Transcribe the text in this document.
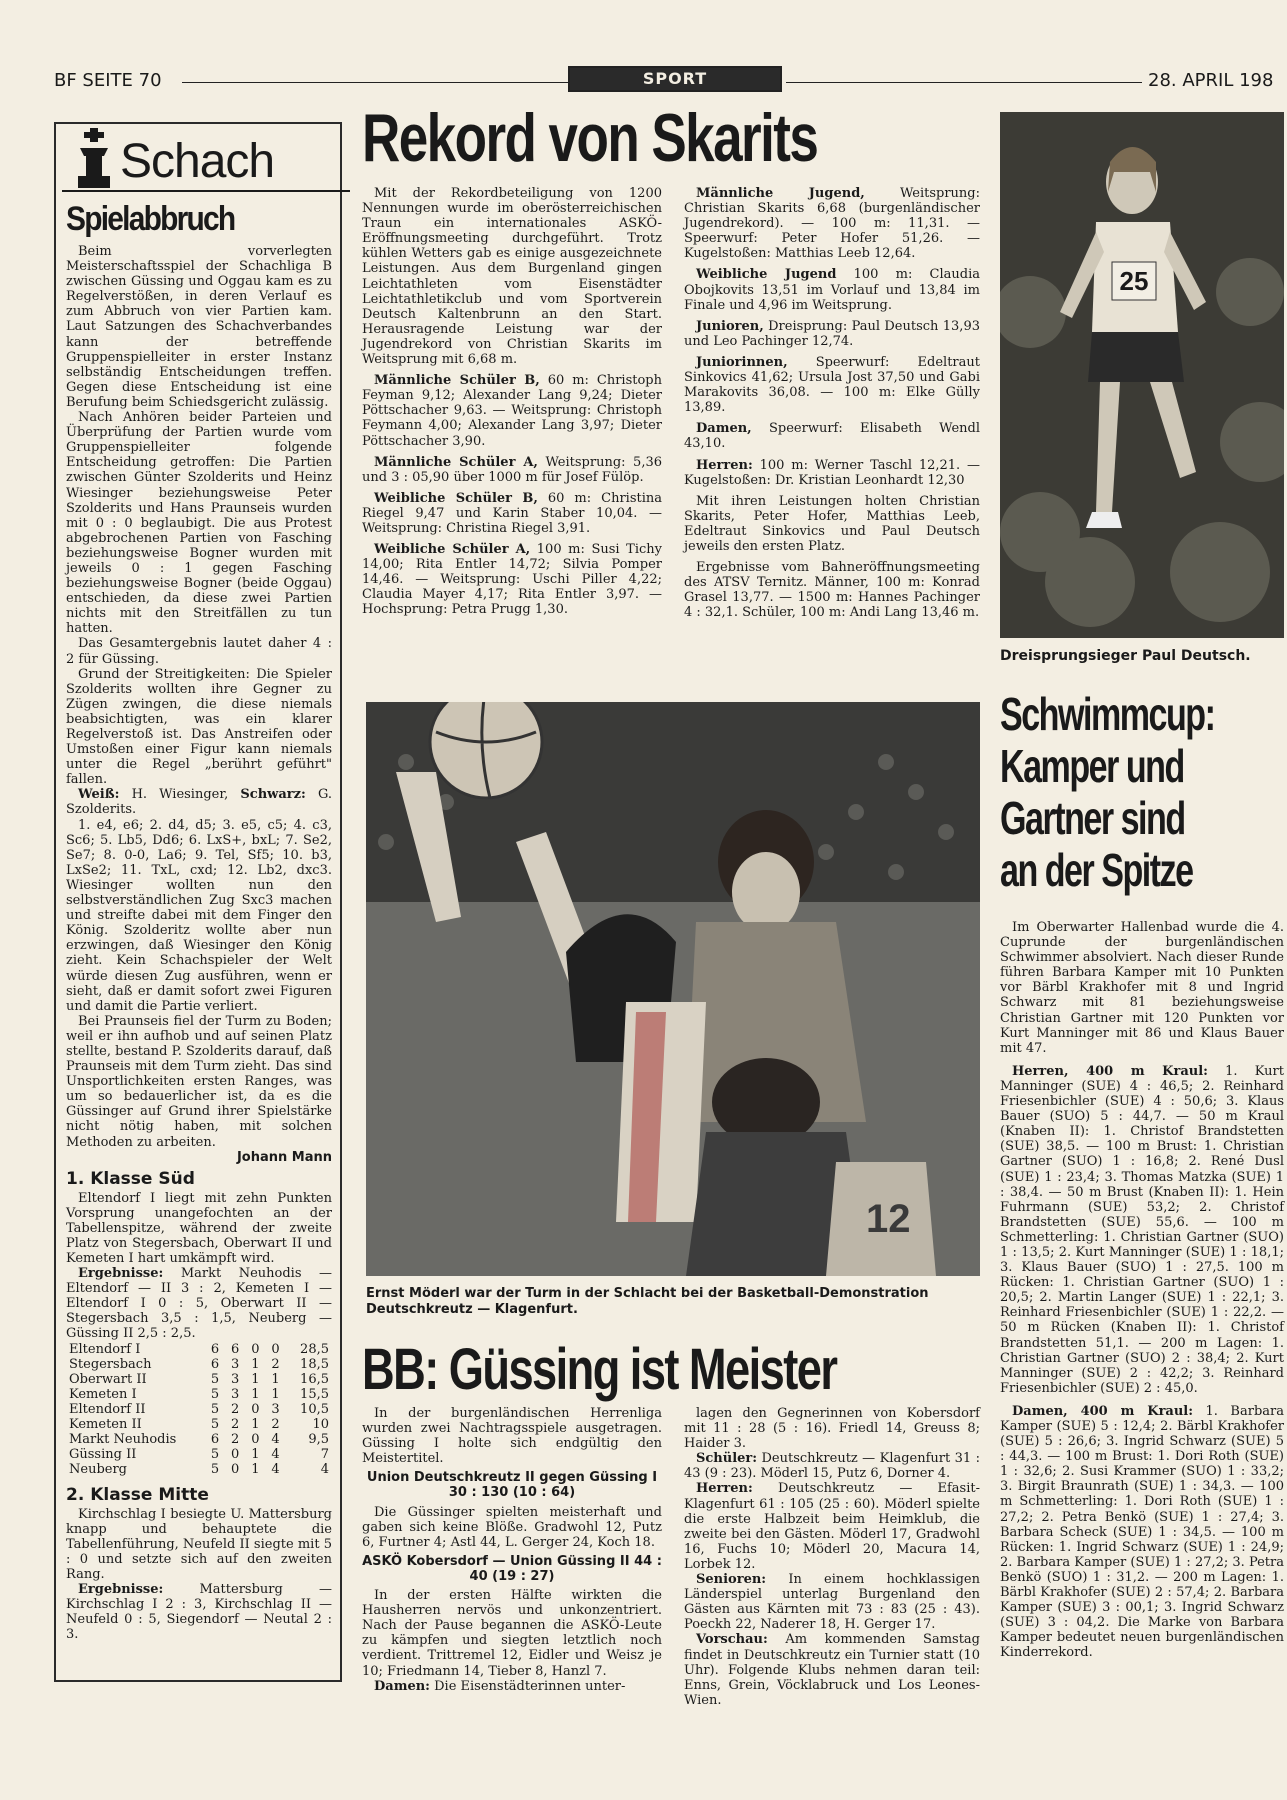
BF SEITE 70	SPORT	28. APRIL 198
Schach
Spielabbruch

Beim vorverlegten Meisterschaftsspiel der Schachliga B zwischen Güssing und Oggau kam es zu Regelverstößen, in deren Verlauf es zum Abbruch von vier Partien kam. Laut Satzungen des Schachverbandes kann der betreffende Gruppenspielleiter in erster Instanz selbständig Entscheidungen treffen. Gegen diese Entscheidung ist eine Berufung beim Schiedsgericht zulässig.

Nach Anhören beider Parteien und Überprüfung der Partien wurde vom Gruppenspielleiter folgende Entscheidung getroffen: Die Partien zwischen Günter Szolderits und Heinz Wiesinger beziehungsweise Peter Szolderits und Hans Praunseis wurden mit 0 : 0 beglaubigt. Die aus Protest abgebrochenen Partien von Fasching beziehungsweise Bogner wurden mit jeweils 0 : 1 gegen Fasching beziehungsweise Bogner (beide Oggau) entschieden, da diese zwei Partien nichts mit den Streitfällen zu tun hatten.

Das Gesamtergebnis lautet daher 4 : 2 für Güssing.

Grund der Streitigkeiten: Die Spieler Szolderits wollten ihre Gegner zu Zügen zwingen, die diese niemals beabsichtigten, was ein klarer Regelverstoß ist. Das Anstreifen oder Umstoßen einer Figur kann niemals unter die Regel „berührt geführt" fallen.

Weiß: H. Wiesinger, Schwarz: G. Szolderits.

1. e4, e6; 2. d4, d5; 3. e5, c5; 4. c3, Sc6; 5. Lb5, Dd6; 6. LxS+, bxL; 7. Se2, Se7; 8. 0-0, La6; 9. Tel, Sf5; 10. b3, LxSe2; 11. TxL, cxd; 12. Lb2, dxc3. Wiesinger wollten nun den selbstverständlichen Zug Sxc3 machen und streifte dabei mit dem Finger den König. Szolderitz wollte aber nun erzwingen, daß Wiesinger den König zieht. Kein Schachspieler der Welt würde diesen Zug ausführen, wenn er sieht, daß er damit sofort zwei Figuren und damit die Partie verliert.

Bei Praunseis fiel der Turm zu Boden; weil er ihn aufhob und auf seinen Platz stellte, bestand P. Szolderits darauf, daß Praunseis mit dem Turm zieht. Das sind Unsportlichkeiten ersten Ranges, was um so bedauerlicher ist, da es die Güssinger auf Grund ihrer Spielstärke nicht nötig haben, mit solchen Methoden zu arbeiten.

Johann Mann
1. Klasse Süd

Eltendorf I liegt mit zehn Punkten Vorsprung unangefochten an der Tabellenspitze, während der zweite Platz von Stegersbach, Oberwart II und Kemeten I hart umkämpft wird.

Ergebnisse: Markt Neuhodis — Eltendorf — II 3 : 2, Kemeten I — Eltendorf I 0 : 5, Oberwart II — Stegersbach 3,5 : 1,5, Neuberg — Güssing II 2,5 : 2,5.

Eltendorf I	6	6	0	0	28,5
Stegersbach	6	3	1	2	18,5
Oberwart II	5	3	1	1	16,5
Kemeten I	5	3	1	1	15,5
Eltendorf II	5	2	0	3	10,5
Kemeten II	5	2	1	2	10
Markt Neuhodis	6	2	0	4	9,5
Güssing II	5	0	1	4	7
Neuberg	5	0	1	4	4
2. Klasse Mitte

Kirchschlag I besiegte U. Mattersburg knapp und behauptete die Tabellenführung, Neufeld II siegte mit 5 : 0 und setzte sich auf den zweiten Rang.

Ergebnisse:	Mattersburg — Kirchschlag I 2 : 3, Kirchschlag II — Neufeld 0 : 5, Siegendorf — Neutal 2 : 3.

Rekord von Skarits

Mit der Rekordbeteiligung von 1200 Nennungen wurde im oberösterreichischen Traun ein internationales ASKÖ-Eröffnungsmeeting durchgeführt. Trotz kühlen Wetters gab es einige ausgezeichnete Leistungen. Aus dem Burgenland gingen Leichtathleten vom Eisenstädter Leichtathletikclub und vom Sportverein Deutsch Kaltenbrunn an den Start. Herausragende Leistung war der Jugendrekord von Christian Skarits im Weitsprung mit 6,68 m.

Männliche Schüler B, 60 m: Christoph Feyman 9,12; Alexander Lang 9,24; Dieter Pöttschacher 9,63. — Weitsprung: Christoph Feymann 4,00; Alexander Lang 3,97; Dieter Pöttschacher 3,90.

Männliche Schüler A, Weitsprung: 5,36 und 3 : 05,90 über 1000 m für Josef Fülöp.

Weibliche Schüler B, 60 m: Christina Riegel 9,47 und Karin Staber 10,04. — Weitsprung: Christina Riegel 3,91.

Weibliche Schüler A, 100 m: Susi Tichy 14,00; Rita Entler 14,72; Silvia Pomper 14,46. — Weitsprung: Uschi Piller 4,22; Claudia Mayer 4,17; Rita Entler 3,97. — Hochsprung: Petra Prugg 1,30.

Männliche Jugend,	Weitsprung: Christian Skarits 6,68 (burgenländischer Jugendrekord). — 100 m: 11,31. — Speerwurf: Peter Hofer 51,26. — Kugelstoßen: Matthias Leeb 12,64.

Weibliche Jugend 100 m: Claudia Obojkovits 13,51 im Vorlauf und 13,84 im Finale und 4,96 im Weitsprung.

Junioren, Dreisprung: Paul Deutsch 13,93 und Leo Pachinger 12,74.

Juniorinnen, Speerwurf: Edeltraut Sinkovics 41,62; Ursula Jost 37,50 und Gabi Marakovits 36,08. — 100 m: Elke Gülly 13,89.

Damen, Speerwurf: Elisabeth Wendl 43,10.

Herren: 100 m: Werner Taschl 12,21. — Kugelstoßen: Dr. Kristian Leonhardt 12,30

Mit ihren Leistungen holten Christian Skarits, Peter Hofer, Matthias Leeb, Edeltraut Sinkovics und Paul Deutsch jeweils den ersten Platz.

Ergebnisse vom Bahneröffnungsmeeting des ATSV Ternitz. Männer, 100 m: Konrad Grasel 13,77. — 1500 m: Hannes Pachinger 4 : 32,1. Schüler, 100 m: Andi Lang 13,46 m.

25
Dreisprungsieger Paul Deutsch.
12
Ernst Möderl war der Turm in der Schlacht bei der Basketball-Demonstration Deutschkreutz — Klagenfurt.
BB: Güssing ist Meister

In der burgenländischen Herrenliga wurden zwei Nachtragsspiele ausgetragen. Güssing I holte sich endgültig den Meistertitel.

Union Deutschkreutz II gegen Güssing I 30 : 130 (10 : 64)

Die Güssinger spielten meisterhaft und gaben sich keine Blöße. Gradwohl 12, Putz 6, Furtner 4; Astl 44, L. Gerger 24, Koch 18.

ASKÖ Kobersdorf — Union Güssing II 44 : 40 (19 : 27)

In der ersten Hälfte wirkten die Hausherren nervös und unkonzentriert. Nach der Pause begannen die ASKÖ-Leute zu kämpfen und siegten letztlich noch verdient. Trittremel 12, Eidler und Weisz je 10; Friedmann 14, Tieber 8, Hanzl 7.

Damen: Die Eisenstädterinnen unter-

lagen den Gegnerinnen von Kobersdorf mit 11 : 28 (5 : 16). Friedl 14, Greuss 8; Haider 3.

Schüler: Deutschkreutz — Klagenfurt 31 : 43 (9 : 23). Möderl 15, Putz 6, Dorner 4.

Herren: Deutschkreutz — Efasit-Klagenfurt 61 : 105 (25 : 60). Möderl spielte die erste Halbzeit beim Heimklub, die zweite bei den Gästen. Möderl 17, Gradwohl 16, Fuchs 10; Möderl 20, Macura 14, Lorbek 12.

Senioren: In einem hochklassigen Länderspiel unterlag Burgenland den Gästen aus Kärnten mit 73 : 83 (25 : 43). Poeckh 22, Naderer 18, H. Gerger 17.

Vorschau: Am kommenden Samstag findet in Deutschkreutz ein Turnier statt (10 Uhr). Folgende Klubs nehmen daran teil: Enns, Grein, Vöcklabruck und Los Leones-Wien.

Schwimmcup:
Kamper und
Gartner sind
an der Spitze

Im Oberwarter Hallenbad wurde die 4. Cuprunde der burgenländischen Schwimmer absolviert. Nach dieser Runde führen Barbara Kamper mit 10 Punkten vor Bärbl Krakhofer mit 8 und Ingrid Schwarz mit 81 beziehungsweise Christian Gartner mit 120 Punkten vor Kurt Manninger mit 86 und Klaus Bauer mit 47.

Herren, 400 m Kraul: 1. Kurt Manninger (SUE) 4 : 46,5; 2. Reinhard Friesenbichler (SUE) 4 : 50,6; 3. Klaus Bauer (SUO) 5 : 44,7. — 50 m Kraul (Knaben II): 1. Christof Brandstetten (SUE) 38,5. — 100 m Brust: 1. Christian Gartner (SUO) 1 : 16,8; 2. René Dusl (SUE) 1 : 23,4; 3. Thomas Matzka (SUE) 1 : 38,4. — 50 m Brust (Knaben II): 1. Hein Fuhrmann (SUE) 53,2; 2. Christof Brandstetten (SUE) 55,6. — 100 m Schmetterling: 1. Christian Gartner (SUO) 1 : 13,5; 2. Kurt Manninger (SUE) 1 : 18,1; 3. Klaus Bauer (SUO) 1 : 27,5. 100 m Rücken: 1. Christian Gartner (SUO) 1 : 20,5; 2. Martin Langer (SUE) 1 : 22,1; 3. Reinhard Friesenbichler (SUE) 1 : 22,2. — 50 m Rücken (Knaben II): 1. Christof Brandstetten 51,1. — 200 m Lagen: 1. Christian Gartner (SUO) 2 : 38,4; 2. Kurt Manninger (SUE) 2 : 42,2; 3. Reinhard Friesenbichler (SUE) 2 : 45,0.

Damen, 400 m Kraul: 1. Barbara Kamper (SUE) 5 : 12,4; 2. Bärbl Krakhofer (SUE) 5 : 26,6; 3. Ingrid Schwarz (SUE) 5 : 44,3. — 100 m Brust: 1. Dori Roth (SUE) 1 : 32,6; 2. Susi Krammer (SUO) 1 : 33,2; 3. Birgit Braunrath (SUE) 1 : 34,3. — 100 m Schmetterling: 1. Dori Roth (SUE) 1 : 27,2; 2. Petra Benkö (SUE) 1 : 27,4; 3. Barbara Scheck (SUE) 1 : 34,5. — 100 m Rücken: 1. Ingrid Schwarz (SUE) 1 : 24,9; 2. Barbara Kamper (SUE) 1 : 27,2; 3. Petra Benkö (SUO) 1 : 31,2. — 200 m Lagen: 1. Bärbl Krakhofer (SUE) 2 : 57,4; 2. Barbara Kamper (SUE) 3 : 00,1; 3. Ingrid Schwarz (SUE) 3 : 04,2. Die Marke von Barbara Kamper bedeutet neuen burgenländischen Kinderrekord.
